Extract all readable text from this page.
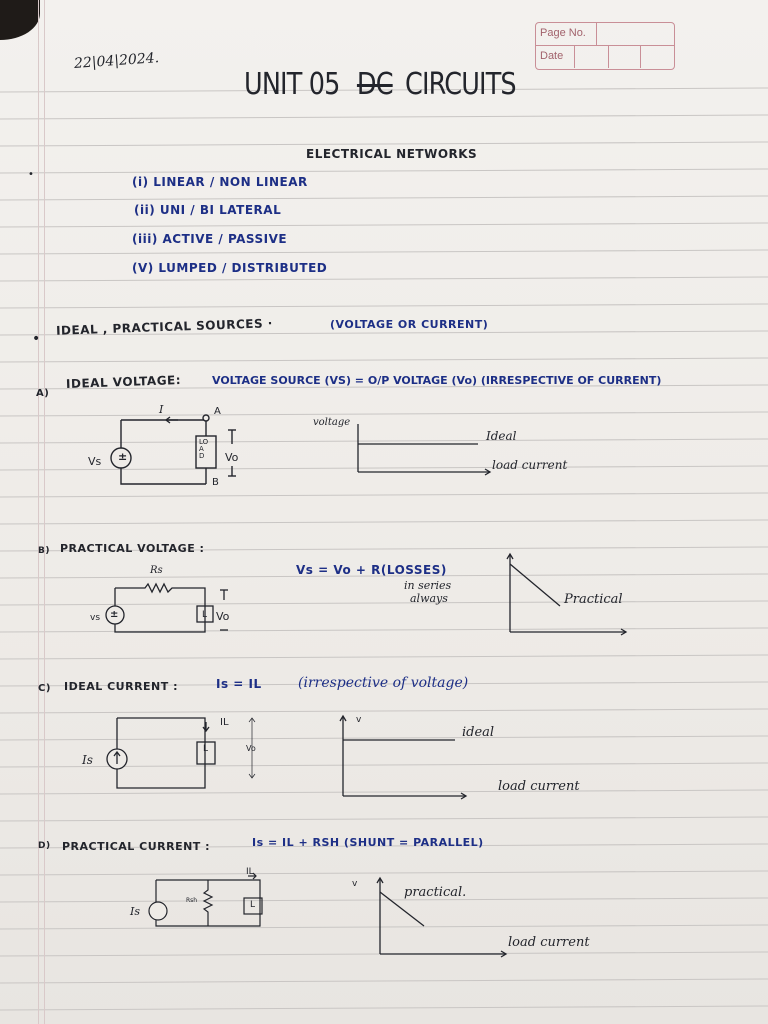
Page No.
Date
22|04|2024.
UNIT 05 DC CIRCUITS
ELECTRICAL NETWORKS
•
(i) LINEAR / NON LINEAR
(ii) UNI / BI LATERAL
(iii) ACTIVE / PASSIVE
(V) LUMPED / DISTRIBUTED
•
IDEAL , PRACTICAL SOURCES ·	(VOLTAGE OR CURRENT)
A)
IDEAL VOLTAGE:	VOLTAGE SOURCE (VS) = O/P VOLTAGE (Vo) (IRRESPECTIVE OF CURRENT)
±
I	A
B
Vs
LOAD	Vo
voltage
Ideal
load current
B) PRACTICAL VOLTAGE :
Vs = Vo + R(LOSSES)
in series
always
±
Rs
vs	L Vo
Practical
C) IDEAL CURRENT :	Is = IL	(irrespective of voltage)
Is
IL
L	Vo
v
ideal
load current
D) PRACTICAL CURRENT :	Is = IL + RSH (SHUNT = PARALLEL)
Is
IL
Rsh	L
v
practical.
load current
